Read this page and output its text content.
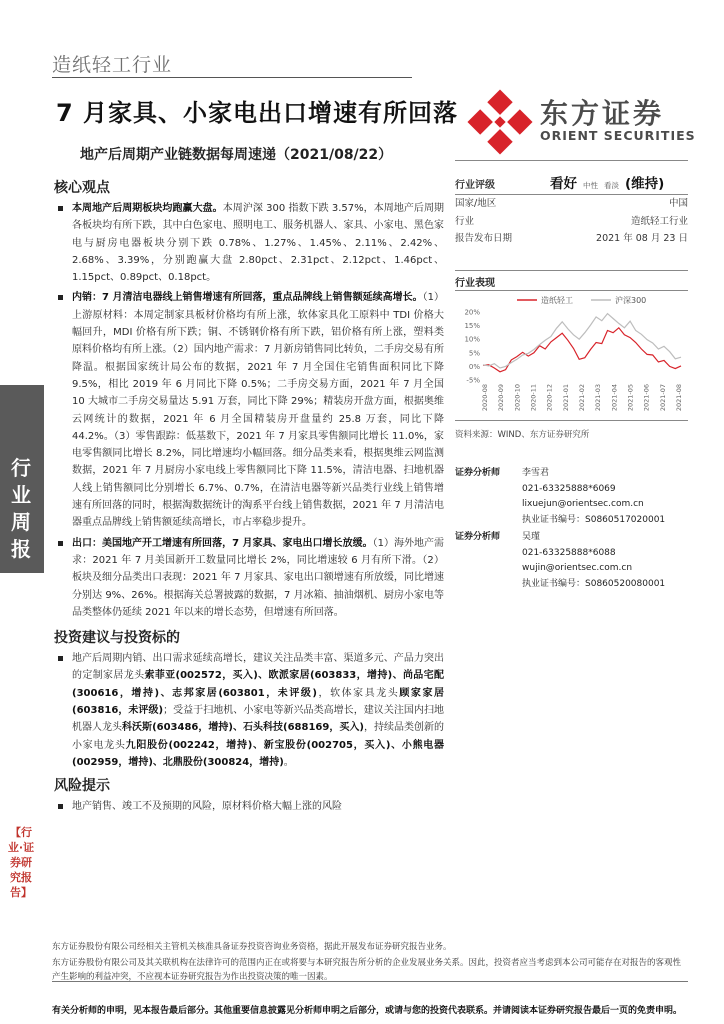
行业周报
【行业·证券研究报告】
造纸轻工行业
东方证券
ORIENT SECURITIES
7 月家具、小家电出口增速有所回落
地产后周期产业链数据每周速递（2021/08/22）
核心观点
本周地产后周期板块均跑赢大盘。本周沪深 300 指数下跌 3.57%，本周地产后周期各板块均有所下跌，其中白色家电、照明电工、服务机器人、家具、小家电、黑色家电与厨房电器板块分别下跌 0.78%、1.27%、1.45%、2.11%、2.42%、2.68%、3.39%，分别跑赢大盘 2.80pct、2.31pct、2.12pct、1.46pct、1.15pct、0.89pct、0.18pct。
内销：7 月清洁电器线上销售增速有所回落，重点品牌线上销售额延续高增长。（1）上游原材料：本周定制家具板材价格均有所上涨，软体家具化工原料中 TDI 价格大幅回升，MDI 价格有所下跌；铜、不锈钢价格有所下跌，铝价格有所上涨，塑料类原料价格均有所上涨。（2）国内地产需求：7 月新房销售同比转负，二手房交易有所降温。根据国家统计局公布的数据，2021 年 7 月全国住宅销售面积同比下降 9.5%，相比 2019 年 6 月同比下降 0.5%；二手房交易方面，2021 年 7 月全国 10 大城市二手房交易量达 5.91 万套，同比下降 29%；精装房开盘方面，根据奥维云网统计的数据，2021 年 6 月全国精装房开盘量约 25.8 万套，同比下降 44.2%。（3）零售跟踪：低基数下，2021 年 7 月家具零售额同比增长 11.0%，家电零售额同比增长 8.2%，同比增速均小幅回落。细分品类来看，根据奥维云网监测数据，2021 年 7 月厨房小家电线上零售额同比下降 11.5%，清洁电器、扫地机器人线上销售额同比分别增长 6.7%、0.7%，在清洁电器等新兴品类行业线上销售增速有所回落的同时，根据淘数据统计的淘系平台线上销售数据，2021 年 7 月清洁电器重点品牌线上销售额延续高增长，市占率稳步提升。
出口：美国地产开工增速有所回落，7 月家具、家电出口增长放缓。（1）海外地产需求：2021 年 7 月美国新开工数量同比增长 2%，同比增速较 6 月有所下滑。（2）板块及细分品类出口表现：2021 年 7 月家具、家电出口额增速有所放缓，同比增速分别达 9%、26%。根据海关总署披露的数据，7 月冰箱、抽油烟机、厨房小家电等品类整体仍延续 2021 年以来的增长态势，但增速有所回落。
投资建议与投资标的
地产后周期内销、出口需求延续高增长，建议关注品类丰富、渠道多元、产品力突出的定制家居龙头索菲亚(002572，买入)、欧派家居(603833，增持)、尚品宅配(300616，增持)、志邦家居(603801，未评级)，软体家具龙头顾家家居(603816，未评级)；受益于扫地机、小家电等新兴品类高增长，建议关注国内扫地机器人龙头科沃斯(603486，增持)、石头科技(688169，买入)，持续品类创新的小家电龙头九阳股份(002242，增持)、新宝股份(002705，买入)、小熊电器(002959，增持)、北鼎股份(300824，增持)。
风险提示
地产销售、竣工不及预期的风险，原材料价格大幅上涨的风险
行业评级	看好 中性 看淡 (维持)
国家/地区	中国
行业	造纸轻工行业
报告发布日期	2021 年 08 月 23 日
行业表现
造纸轻工	沪深300
20%
15%
10%
5%
0%
-5%
2020-08 2020-09 2020-10 2020-11 2020-12 2021-01 2021-02 2021-03 2021-04 2021-05 2021-06 2021-07 2021-08
资料来源：WIND、东方证券研究所
证券分析师	李雪君
021-63325888*6069
lixuejun@orientsec.com.cn
执业证书编号：S0860517020001
证券分析师	吴瑾
021-63325888*6088
wujin@orientsec.com.cn
执业证书编号：S0860520080001
东方证券股份有限公司经相关主管机关核准具备证券投资咨询业务资格，据此开展发布证券研究报告业务。
东方证券股份有限公司及其关联机构在法律许可的范围内正在或将要与本研究报告所分析的企业发展业务关系。因此，投资者应当考虑到本公司可能存在对报告的客观性
产生影响的利益冲突，不应视本证券研究报告为作出投资决策的唯一因素。
有关分析师的申明，见本报告最后部分。其他重要信息披露见分析师申明之后部分，或请与您的投资代表联系。并请阅读本证券研究报告最后一页的免责申明。
